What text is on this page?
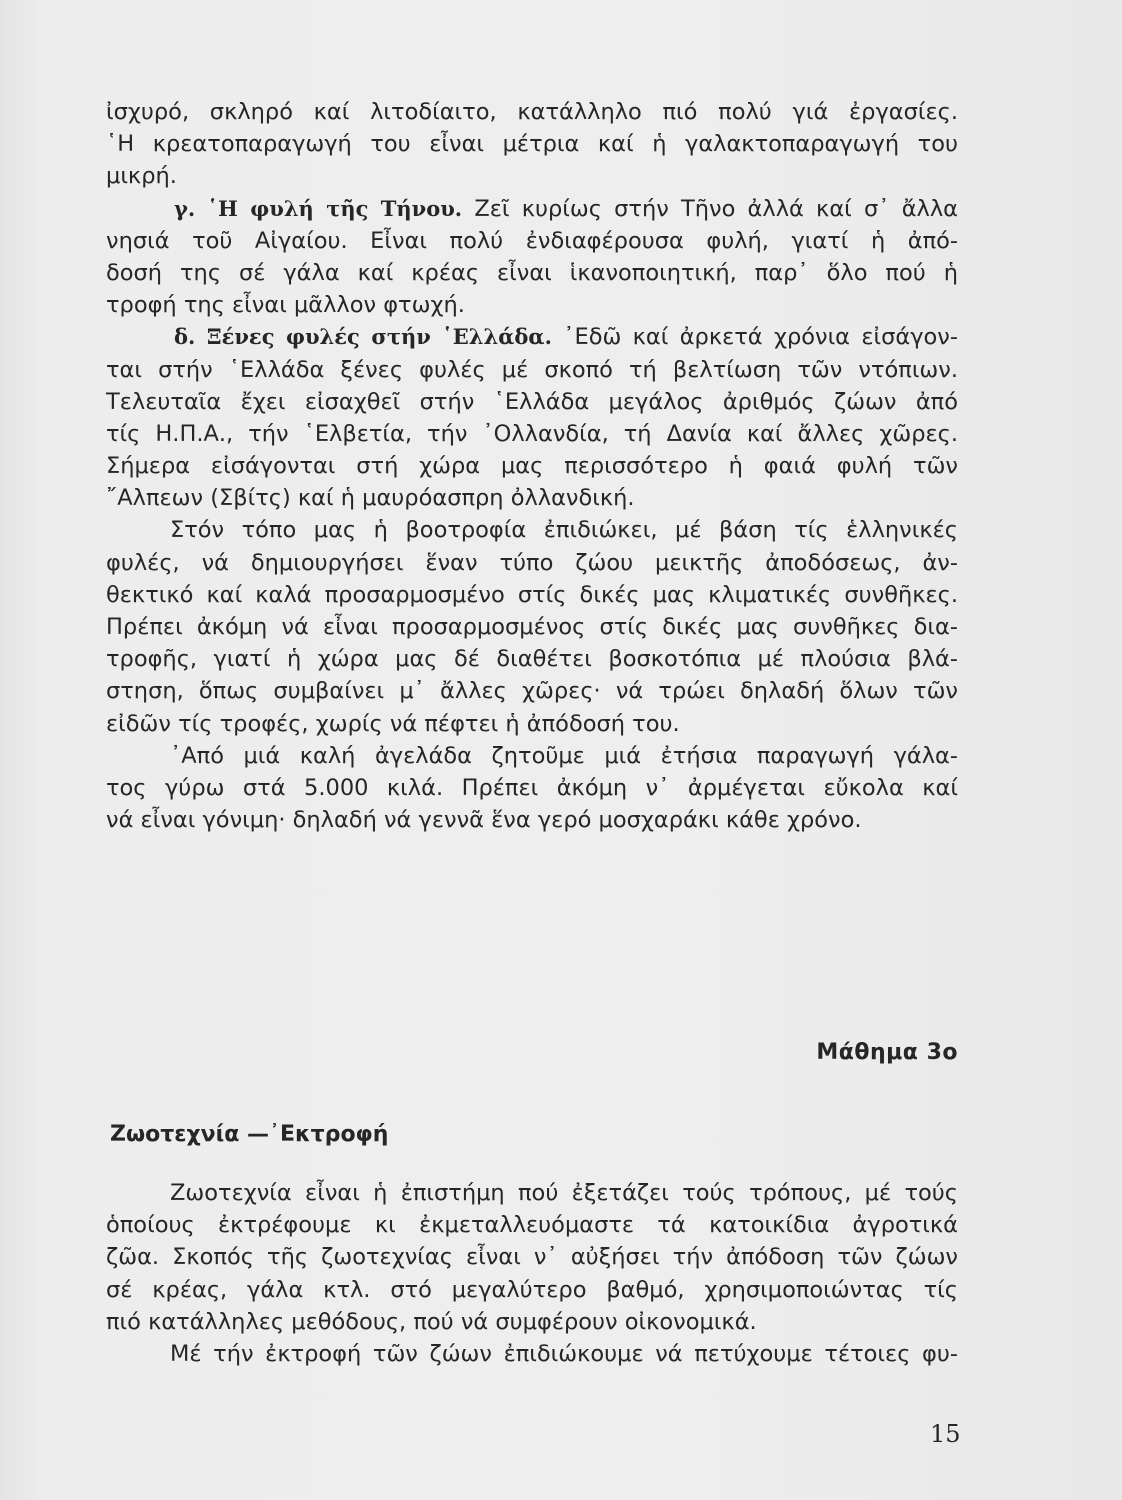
ἰσχυρό, σκληρό καί λιτοδίαιτο, κατάλληλο πιό πολύ γιά ἐργασίες.
῾Η κρεατοπαραγωγή του εἶναι μέτρια καί ἡ γαλακτοπαραγωγή του
μικρή.
γ. ῾Η φυλή τῆς Τήνου. Ζεῖ κυρίως στήν Τῆνο ἀλλά καί σ᾽ ἄλλα
νησιά τοῦ Αἰγαίου. Εἶναι πολύ ἐνδιαφέρουσα φυλή, γιατί ἡ ἀπό-
δοσή της σέ γάλα καί κρέας εἶναι ἱκανοποιητική, παρ᾽ ὅλο πού ἡ
τροφή της εἶναι μᾶλλον φτωχή.
δ. Ξένες φυλές στήν ῾Ελλάδα. ᾽Εδῶ καί ἀρκετά χρόνια εἰσάγον-
ται στήν ῾Ελλάδα ξένες φυλές μέ σκοπό τή βελτίωση τῶν ντόπιων.
Τελευταῖα ἔχει εἰσαχθεῖ στήν ῾Ελλάδα μεγάλος ἀριθμός ζώων ἀπό
τίς Η.Π.Α., τήν ῾Ελβετία, τήν ᾽Ολλανδία, τή Δανία καί ἄλλες χῶρες.
Σήμερα εἰσάγονται στή χώρα μας περισσότερο ἡ φαιά φυλή τῶν
῎Αλπεων (Σβίτς) καί ἡ μαυρόασπρη ὀλλανδική.
Στόν τόπο μας ἡ βοοτροφία ἐπιδιώκει, μέ βάση τίς ἑλληνικές
φυλές, νά δημιουργήσει ἕναν τύπο ζώου μεικτῆς ἀποδόσεως, ἀν-
θεκτικό καί καλά προσαρμοσμένο στίς δικές μας κλιματικές συνθῆκες.
Πρέπει ἀκόμη νά εἶναι προσαρμοσμένος στίς δικές μας συνθῆκες δια-
τροφῆς, γιατί ἡ χώρα μας δέ διαθέτει βοσκοτόπια μέ πλούσια βλά-
στηση, ὅπως συμβαίνει μ᾽ ἄλλες χῶρες· νά τρώει δηλαδή ὅλων τῶν
εἰδῶν τίς τροφές, χωρίς νά πέφτει ἡ ἀπόδοσή του.
᾽Από μιά καλή ἀγελάδα ζητοῦμε μιά ἐτήσια παραγωγή γάλα-
τος γύρω στά 5.000 κιλά. Πρέπει ἀκόμη ν᾽ ἀρμέγεται εὔκολα καί
νά εἶναι γόνιμη· δηλαδή νά γεννᾶ ἕνα γερό μοσχαράκι κάθε χρόνο.
Μάθημα 3ο
Ζωοτεχνία —᾽Εκτροφή
Ζωοτεχνία εἶναι ἡ ἐπιστήμη πού ἐξετάζει τούς τρόπους, μέ τούς
ὁποίους ἐκτρέφουμε κι ἐκμεταλλευόμαστε τά κατοικίδια ἀγροτικά
ζῶα. Σκοπός τῆς ζωοτεχνίας εἶναι ν᾽ αὐξήσει τήν ἀπόδοση τῶν ζώων
σέ κρέας, γάλα κτλ. στό μεγαλύτερο βαθμό, χρησιμοποιώντας τίς
πιό κατάλληλες μεθόδους, πού νά συμφέρουν οἰκονομικά.
Μέ τήν ἐκτροφή τῶν ζώων ἐπιδιώκουμε νά πετύχουμε τέτοιες φυ-
15
